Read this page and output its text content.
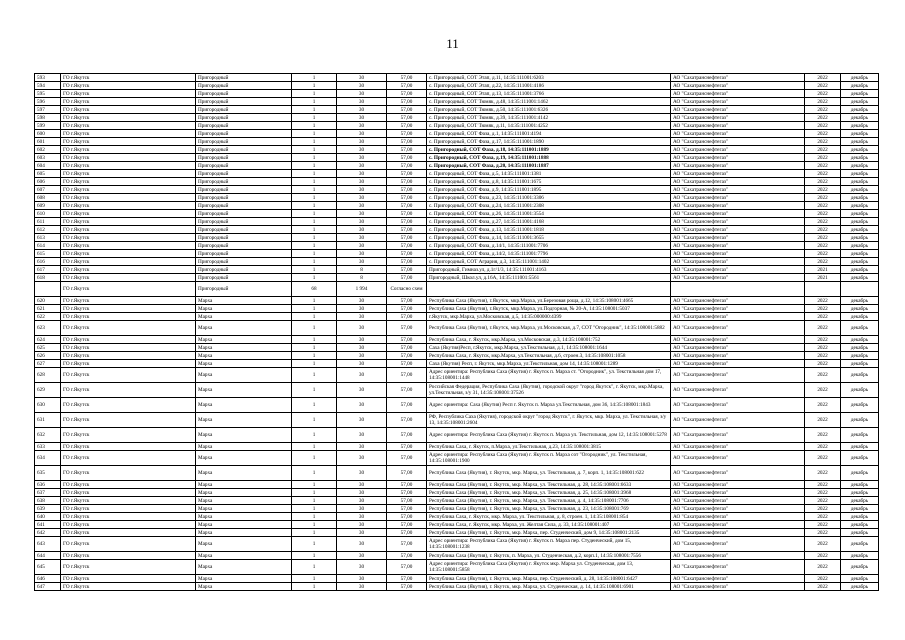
11
593	ГО г.Якутск	Пригородный	1	30	57,00	с. Пригородный, СОТ Этап, д.11, 14:35:111001:6203	АО "Сахатранснефтегаз"	2022	декабрь
594	ГО г.Якутск	Пригородный	1	30	57,00	с. Пригородный, СОТ Этап, д.22, 14:35:111001:4186	АО "Сахатранснефтегаз"	2022	декабрь
595	ГО г.Якутск	Пригородный	1	30	57,00	с. Пригородный, СОТ Этап, д.13, 14:35:111001:3766	АО "Сахатранснефтегаз"	2022	декабрь
596	ГО г.Якутск	Пригородный	1	30	57,00	с. Пригородный, СОТ Тюмяк, д.48, 14:35:111001:1462	АО "Сахатранснефтегаз"	2022	декабрь
597	ГО г.Якутск	Пригородный	1	30	57,00	с. Пригородный, СОТ Тюмяк, д.50, 14:35:111001:6326	АО "Сахатранснефтегаз"	2022	декабрь
598	ГО г.Якутск	Пригородный	1	30	57,00	с. Пригородный, СОТ Тюмяк, д.39, 14:35:111001:4142	АО "Сахатранснефтегаз"	2022	декабрь
599	ГО г.Якутск	Пригородный	1	30	57,00	с. Пригородный, СОТ Тюмяк, д.11, 14:35:111001:4252	АО "Сахатранснефтегаз"	2022	декабрь
600	ГО г.Якутск	Пригородный	1	30	57,00	с. Пригородный, СОТ Фаза, д.1, 14:35:111001:4194	АО "Сахатранснефтегаз"	2022	декабрь
601	ГО г.Якутск	Пригородный	1	30	57,00	с. Пригородный, СОТ Фаза, д.17, 14:35:111001:1890	АО "Сахатранснефтегаз"	2022	декабрь
602	ГО г.Якутск	Пригородный	1	30	57,00	с. Пригородный, СОТ Фаза, д.18, 14:35:111001:1889	АО "Сахатранснефтегаз"	2022	декабрь
603	ГО г.Якутск	Пригородный	1	30	57,00	с. Пригородный, СОТ Фаза, д.19, 14:35:111001:1888	АО "Сахатранснефтегаз"	2022	декабрь
604	ГО г.Якутск	Пригородный	1	30	57,00	с. Пригородный, СОТ Фаза, д.20, 14:35:111001:1887	АО "Сахатранснефтегаз"	2022	декабрь
605	ГО г.Якутск	Пригородный	1	30	57,00	с. Пригородный, СОТ Фаза, д.5, 14:35:111001:1381	АО "Сахатранснефтегаз"	2022	декабрь
606	ГО г.Якутск	Пригородный	1	30	57,00	с. Пригородный, СОТ Фаза, д.8, 14:35:111001:1675	АО "Сахатранснефтегаз"	2022	декабрь
607	ГО г.Якутск	Пригородный	1	30	57,00	с. Пригородный, СОТ Фаза, д.9, 14:35:111001:1895	АО "Сахатранснефтегаз"	2022	декабрь
608	ГО г.Якутск	Пригородный	1	30	57,00	с. Пригородный, СОТ Фаза, д.23, 14:35:111001:3306	АО "Сахатранснефтегаз"	2022	декабрь
609	ГО г.Якутск	Пригородный	1	30	57,00	с. Пригородный, СОТ Фаза, д.24, 14:35:111001:2308	АО "Сахатранснефтегаз"	2022	декабрь
610	ГО г.Якутск	Пригородный	1	30	57,00	с. Пригородный, СОТ Фаза, д.26, 14:35:111001:3554	АО "Сахатранснефтегаз"	2022	декабрь
611	ГО г.Якутск	Пригородный	1	30	57,00	с. Пригородный, СОТ Фаза, д.27, 14:35:111001:4168	АО "Сахатранснефтегаз"	2022	декабрь
612	ГО г.Якутск	Пригородный	1	30	57,00	с. Пригородный, СОТ Фаза, д.13, 14:35:111001:1818	АО "Сахатранснефтегаз"	2022	декабрь
613	ГО г.Якутск	Пригородный	1	30	57,00	с. Пригородный, СОТ Фаза, д.14, 14:35:111001:3655	АО "Сахатранснефтегаз"	2022	декабрь
614	ГО г.Якутск	Пригородный	1	30	57,00	с. Пригородный, СОТ Фаза, д.14/1, 14:35:111001:7706	АО "Сахатранснефтегаз"	2022	декабрь
615	ГО г.Якутск	Пригородный	1	30	57,00	с. Пригородный, СОТ Фаза, д.14/2, 14:35:111001:7796	АО "Сахатранснефтегаз"	2022	декабрь
616	ГО г.Якутск	Пригородный	1	30	57,00	с. Пригородный, СОТ Агрария, д.3, 14:35:111001:1402	АО "Сахатранснефтегаз"	2022	декабрь
617	ГО г.Якутск	Пригородный	1	8	57,00	Пригородный, Гимназ.ул, д.1г/1/3, 14:35:111001:4163	АО "Сахатранснефтегаз"	2021	декабрь
618	ГО г.Якутск	Пригородный	1	8	57,00	Пригородный, Школ.ул, д.16А, 14:35:111001:5561	АО "Сахатранснефтегаз"	2021	декабрь
	ГО г.Якутск	Пригородный	68	1 994	Согласно схем				
620	ГО г.Якутск	Марха	1	30	57,00	Республика Саха (Якутия), г.Якутск, мкр.Марха, ул.Березовая роща, д.12, 14:35:108001:4665	АО "Сахатранснефтегаз"	2022	декабрь
621	ГО г.Якутск	Марха	1	30	57,00	Республика Саха (Якутия), г.Якутск, мкр.Марха, ул.Подгорная, № 20-А, 14:35:108001:5037	АО "Сахатранснефтегаз"	2022	декабрь
622	ГО г.Якутск	Марха	1	30	57,00	г.Якутск, мкр.Марха, ул.Московская, д.5, 14:35:000000:4399	АО "Сахатранснефтегаз"	2022	декабрь
623	ГО г.Якутск	Марха	1	30	57,00	Республика Саха (Якутия), г.Якутск, мкр.Марха, ул.Московская, д.7, СОТ "Огородник", 14:35:108001:5882	АО "Сахатранснефтегаз"	2022	декабрь
624	ГО г.Якутск	Марха	1	30	57,00	Республика Саха, г. Якутск, мкр.Марха, ул.Московская, д.3, 14:35:108001:752	АО "Сахатранснефтегаз"	2022	декабрь
625	ГО г.Якутск	Марха	1	30	57,00	Саха (Якутия)Респ, г.Якутск, мкр.Марха, ул.Текстильная, д.1, 14:35:108001:1644	АО "Сахатранснефтегаз"	2022	декабрь
626	ГО г.Якутск	Марха	1	30	57,00	Республика Саха, г. Якутск, мкр.Марха, ул.Текстильная, д.6, строен.3, 14:35:108001:1058	АО "Сахатранснефтегаз"	2022	декабрь
627	ГО г.Якутск	Марха	1	30	57,00	Саха (Якутия) Респ, г. Якутск, мкр.Марха, ул.Текстильная, дом 14, 14:35:108001:1289	АО "Сахатранснефтегаз"	2022	декабрь
628	ГО г.Якутск	Марха	1	30	57,00	Адрес ориентира: Республика Саха (Якутия) г. Якутск п. Марха ст. "Огородник", ул. Текстильная дом 17, 14:35:108001:1448	АО "Сахатранснефтегаз"	2022	декабрь
629	ГО г.Якутск	Марха	1	30	57,00	Российская Федерация, Республика Саха (Якутия), городской округ "город Якутск", г. Якутск, мкр.Марха, ул.Текстильная, з/у 31, 14:35:108001:37526	АО "Сахатранснефтегаз"	2022	декабрь
630	ГО г.Якутск	Марха	1	30	57,00	Адрес ориентира: Саха (Якутия) Респ г. Якутск п. Марха ул.Текстильная, дом 36, 14:35:108001:1843	АО "Сахатранснефтегаз"	2022	декабрь
631	ГО г.Якутск	Марха	1	30	57,00	РФ, Республика Саха (Якутия), городской округ "город Якутск", г. Якутск, мкр. Марха, ул. Текстильная, з/у 13, 14:35:108001:2604	АО "Сахатранснефтегаз"	2022	декабрь
632	ГО г.Якутск	Марха	1	30	57,00	Адрес ориентира: Республика Саха (Якутия) г. Якутск п. Марха ул. Текстильная, дом 12, 14:35:108001:5278	АО "Сахатранснефтегаз"	2022	декабрь
633	ГО г.Якутск	Марха	1	30	57,00	Республика Саха, г. Якутск, п.Марха, ул.Текстильная, д.23, 14:35:108001:3815	АО "Сахатранснефтегаз"	2022	декабрь
634	ГО г.Якутск	Марха	1	30	57,00	Адрес ориентира: Республика Саха (Якутия) г. Якутск п. Марха сот "Огородник", ул. Текстильная, 14:35:108001:1900	АО "Сахатранснефтегаз"	2022	декабрь
635	ГО г.Якутск	Марха	1	30	57,00	Республика Саха (Якутия), г. Якутск, мкр. Марха, ул. Текстильная, д. 7, корп. 1, 14:35:108001:622	АО "Сахатранснефтегаз"	2022	декабрь
636	ГО г.Якутск	Марха	1	30	57,00	Республика Саха (Якутия), г. Якутск, мкр. Марха, ул. Текстильная, д. 28, 14:35:108001:6633	АО "Сахатранснефтегаз"	2022	декабрь
637	ГО г.Якутск	Марха	1	30	57,00	Республика Саха (Якутия), г. Якутск, мкр. Марха, ул. Текстильная, д. 25, 14:35:108001:3968	АО "Сахатранснефтегаз"	2022	декабрь
638	ГО г.Якутск	Марха	1	30	57,00	Республика Саха (Якутия), г. Якутск, мкр. Марха, ул. Текстильная, д. 4, 14:35:108001:7706	АО "Сахатранснефтегаз"	2022	декабрь
639	ГО г.Якутск	Марха	1	30	57,00	Республика Саха (Якутия), г. Якутск, мкр. Марха, ул. Текстильная, д. 23, 14:35:108001:769	АО "Сахатранснефтегаз"	2022	декабрь
640	ГО г.Якутск	Марха	1	30	57,00	Республика Саха, г. Якутск, мкр. Марха, ул. Текстильная, д. 8, строен. 1, 14:35:108001:854	АО "Сахатранснефтегаз"	2022	декабрь
641	ГО г.Якутск	Марха	1	30	57,00	Республика Саха, г. Якутск, мкр. Марха, ул. Желтая Сила, д. 33, 14:35:108001:407	АО "Сахатранснефтегаз"	2022	декабрь
642	ГО г.Якутск	Марха	1	30	57,00	Республика Саха (Якутия), г. Якутск, мкр. Марха, пер. Студенческий, дом 9, 14:35:108001:2135	АО "Сахатранснефтегаз"	2022	декабрь
643	ГО г.Якутск	Марха	1	30	57,00	Адрес ориентира: Республика Саха (Якутия) г. Якутск п. Марха пер. Студенческий, дом 15, 14:35:108001:1238	АО "Сахатранснефтегаз"	2022	декабрь
644	ГО г.Якутск	Марха	1	30	57,00	Республика Саха (Якутия), г. Якутск, п. Марха, ул. Студенческая, д.2, корп.1, 14:35:108001:7556	АО "Сахатранснефтегаз"	2022	декабрь
645	ГО г.Якутск	Марха	1	30	57,00	Адрес ориентира: Республика Саха (Якутия) г. Якутск мкр. Марха ул. Студенческая, дом 13, 14:35:108001:5858	АО "Сахатранснефтегаз"	2022	декабрь
646	ГО г.Якутск	Марха	1	30	57,00	Республика Саха (Якутия), г. Якутск, мкр. Марха, пер. Студенческий, д. 28, 14:35:108001:6427	АО "Сахатранснефтегаз"	2022	декабрь
647	ГО г.Якутск	Марха	1	30	57,00	Республика Саха (Якутия), г. Якутск, мкр. Марха, ул. Студенческая, д. 14, 14:35:108001:6901	АО "Сахатранснефтегаз"	2022	декабрь
